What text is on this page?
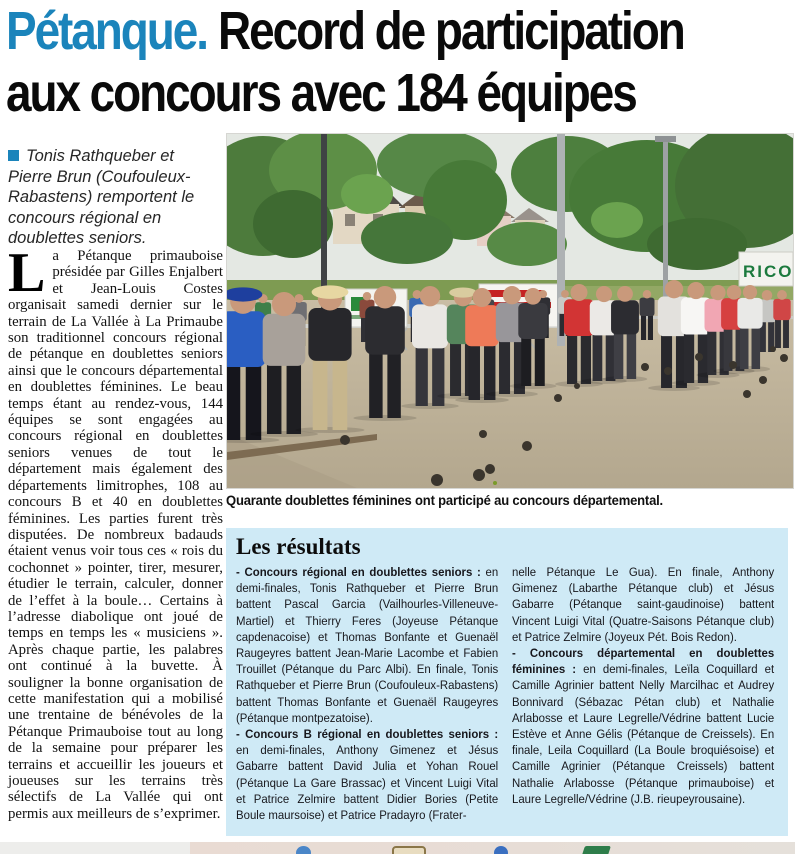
Pétanque. Record de participation
aux concours avec 184 équipes
Tonis Rathqueber et Pierre Brun (Coufouleux-Rabastens) remportent le concours régional en doublettes seniors.
La Pétanque primauboise présidée par Gilles Enjalbert et Jean-Louis Costes organisait samedi dernier sur le terrain de La Vallée à La Primaube son traditionnel concours régional de pétanque en doublettes seniors ainsi que le concours départemental en doublettes féminines. Le beau temps étant au rendez-vous, 144 équipes se sont engagées au concours régional en doublettes seniors venues de tout le département mais également des départements limitrophes, 108 au concours B et 40 en doublettes féminines. Les parties furent très disputées. De nombreux badauds étaient venus voir tous ces « rois du cochonnet » pointer, tirer, mesurer, étudier le terrain, calculer, donner de l’effet à la boule… Certains à l’adresse diabolique ont joué de temps en temps les « musiciens ». Après chaque partie, les palabres ont continué à la buvette. À souligner la bonne organisation de cette manifestation qui a mobilisé une trentaine de bénévoles de la Pétanque Primauboise tout au long de la semaine pour préparer les terrains et accueillir les joueurs et joueuses sur les terrains très sélectifs de La Vallée qui ont permis aux meilleurs de s’exprimer.
RICO
Quarante doublettes féminines ont participé au concours départemental.
Les résultats

- Concours régional en doublettes seniors : en demi-finales, Tonis Rathqueber et Pierre Brun battent Pascal Garcia (Vailhourles-Villeneuve-Martiel) et Thierry Feres (Joyeuse Pétanque capdenacoise) et Thomas Bonfante et Guenaël Raugeyres battent Jean-Marie Lacombe et Fabien Trouillet (Pétanque du Parc Albi). En finale, Tonis Rathqueber et Pierre Brun (Coufouleux-Rabastens) battent Thomas Bonfante et Guenaël Raugeyres (Pétanque montpezatoise).

- Concours B régional en doublettes seniors : en demi-finales, Anthony Gimenez et Jésus Gabarre battent David Julia et Yohan Rouel (Pétanque La Gare Brassac) et Vincent Luigi Vital et Patrice Zelmire battent Didier Bories (Petite Boule maursoise) et Patrice Pradayro (Frater-

nelle Pétanque Le Gua). En finale, Anthony Gimenez (Labarthe Pétanque club) et Jésus Gabarre (Pétanque saint-gaudinoise) battent Vincent Luigi Vital (Quatre-Saisons Pétanque club) et Patrice Zelmire (Joyeux Pét. Bois Redon).

- Concours départemental en doublettes féminines : en demi-finales, Leïla Coquillard et Camille Agrinier battent Nelly Marcilhac et Audrey Bonnivard (Sébazac Pétan club) et Nathalie Arlabosse et Laure Legrelle/Védrine battent Lucie Estève et Anne Gélis (Pétanque de Creissels). En finale, Leila Coquillard (La Boule broquiésoise) et Camille Agrinier (Pétanque Creissels) battent Nathalie Arlabosse (Pétanque primauboise) et Laure Legrelle/Védrine (J.B. rieupeyrousaine).
